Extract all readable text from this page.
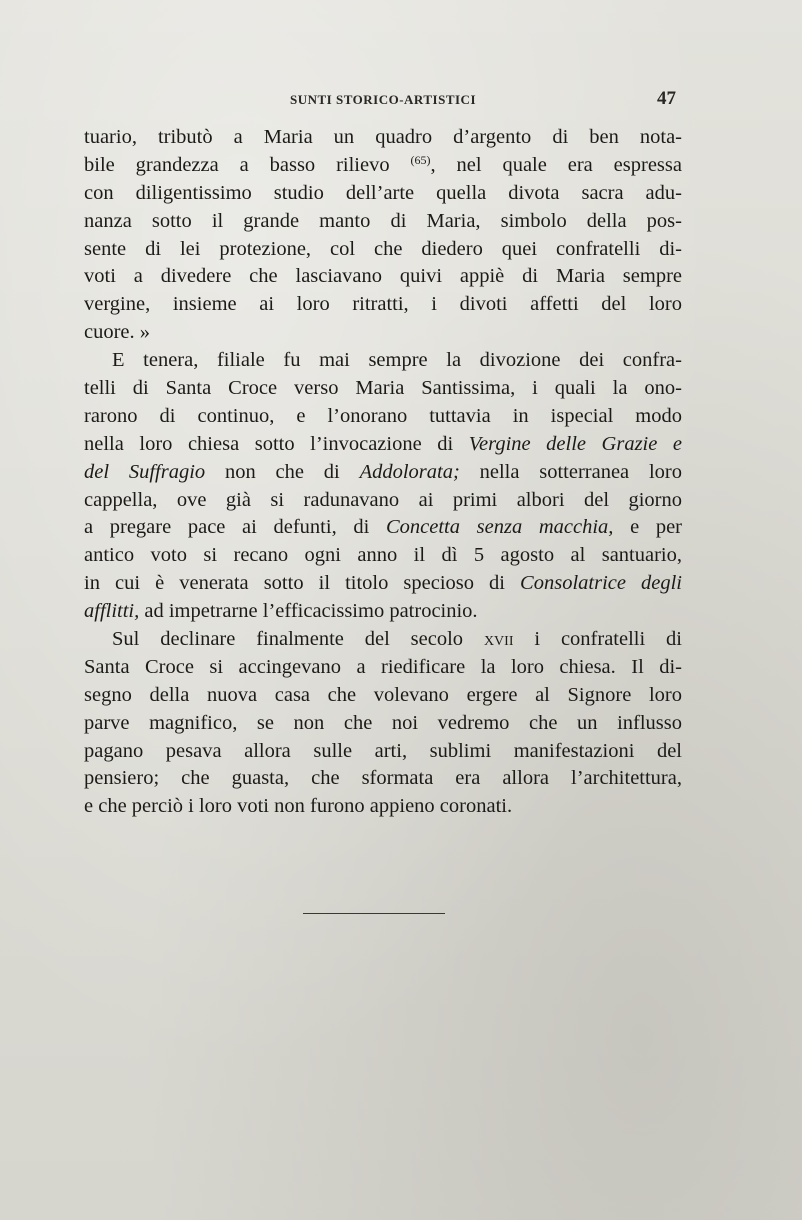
SUNTI STORICO-ARTISTICI	47
tuario, tributò a Maria un quadro d’argento di ben nota-
bile grandezza a basso rilievo $^{(65)}$, nel quale era espressa
con diligentissimo studio dell’arte quella divota sacra adu-
nanza sotto il grande manto di Maria, simbolo della pos-
sente di lei protezione, col che diedero quei confratelli di-
voti a divedere che lasciavano quivi appiè di Maria sempre
vergine, insieme ai loro ritratti, i divoti affetti del loro
cuore. »
E tenera, filiale fu mai sempre la divozione dei confra-
telli di Santa Croce verso Maria Santissima, i quali la ono-
rarono di continuo, e l’onorano tuttavia in ispecial modo
nella loro chiesa sotto l’invocazione di Vergine delle Grazie e
del Suffragio non che di Addolorata; nella sotterranea loro
cappella, ove già si radunavano ai primi albori del giorno
a pregare pace ai defunti, di Concetta senza macchia, e per
antico voto si recano ogni anno il dì 5 agosto al santuario,
in cui è venerata sotto il titolo specioso di Consolatrice degli
afflitti, ad impetrarne l’efficacissimo patrocinio.
Sul declinare finalmente del secolo xvii i confratelli di
Santa Croce si accingevano a riedificare la loro chiesa. Il di-
segno della nuova casa che volevano ergere al Signore loro
parve magnifico, se non che noi vedremo che un influsso
pagano pesava allora sulle arti, sublimi manifestazioni del
pensiero; che guasta, che sformata era allora l’architettura,
e che perciò i loro voti non furono appieno coronati.
